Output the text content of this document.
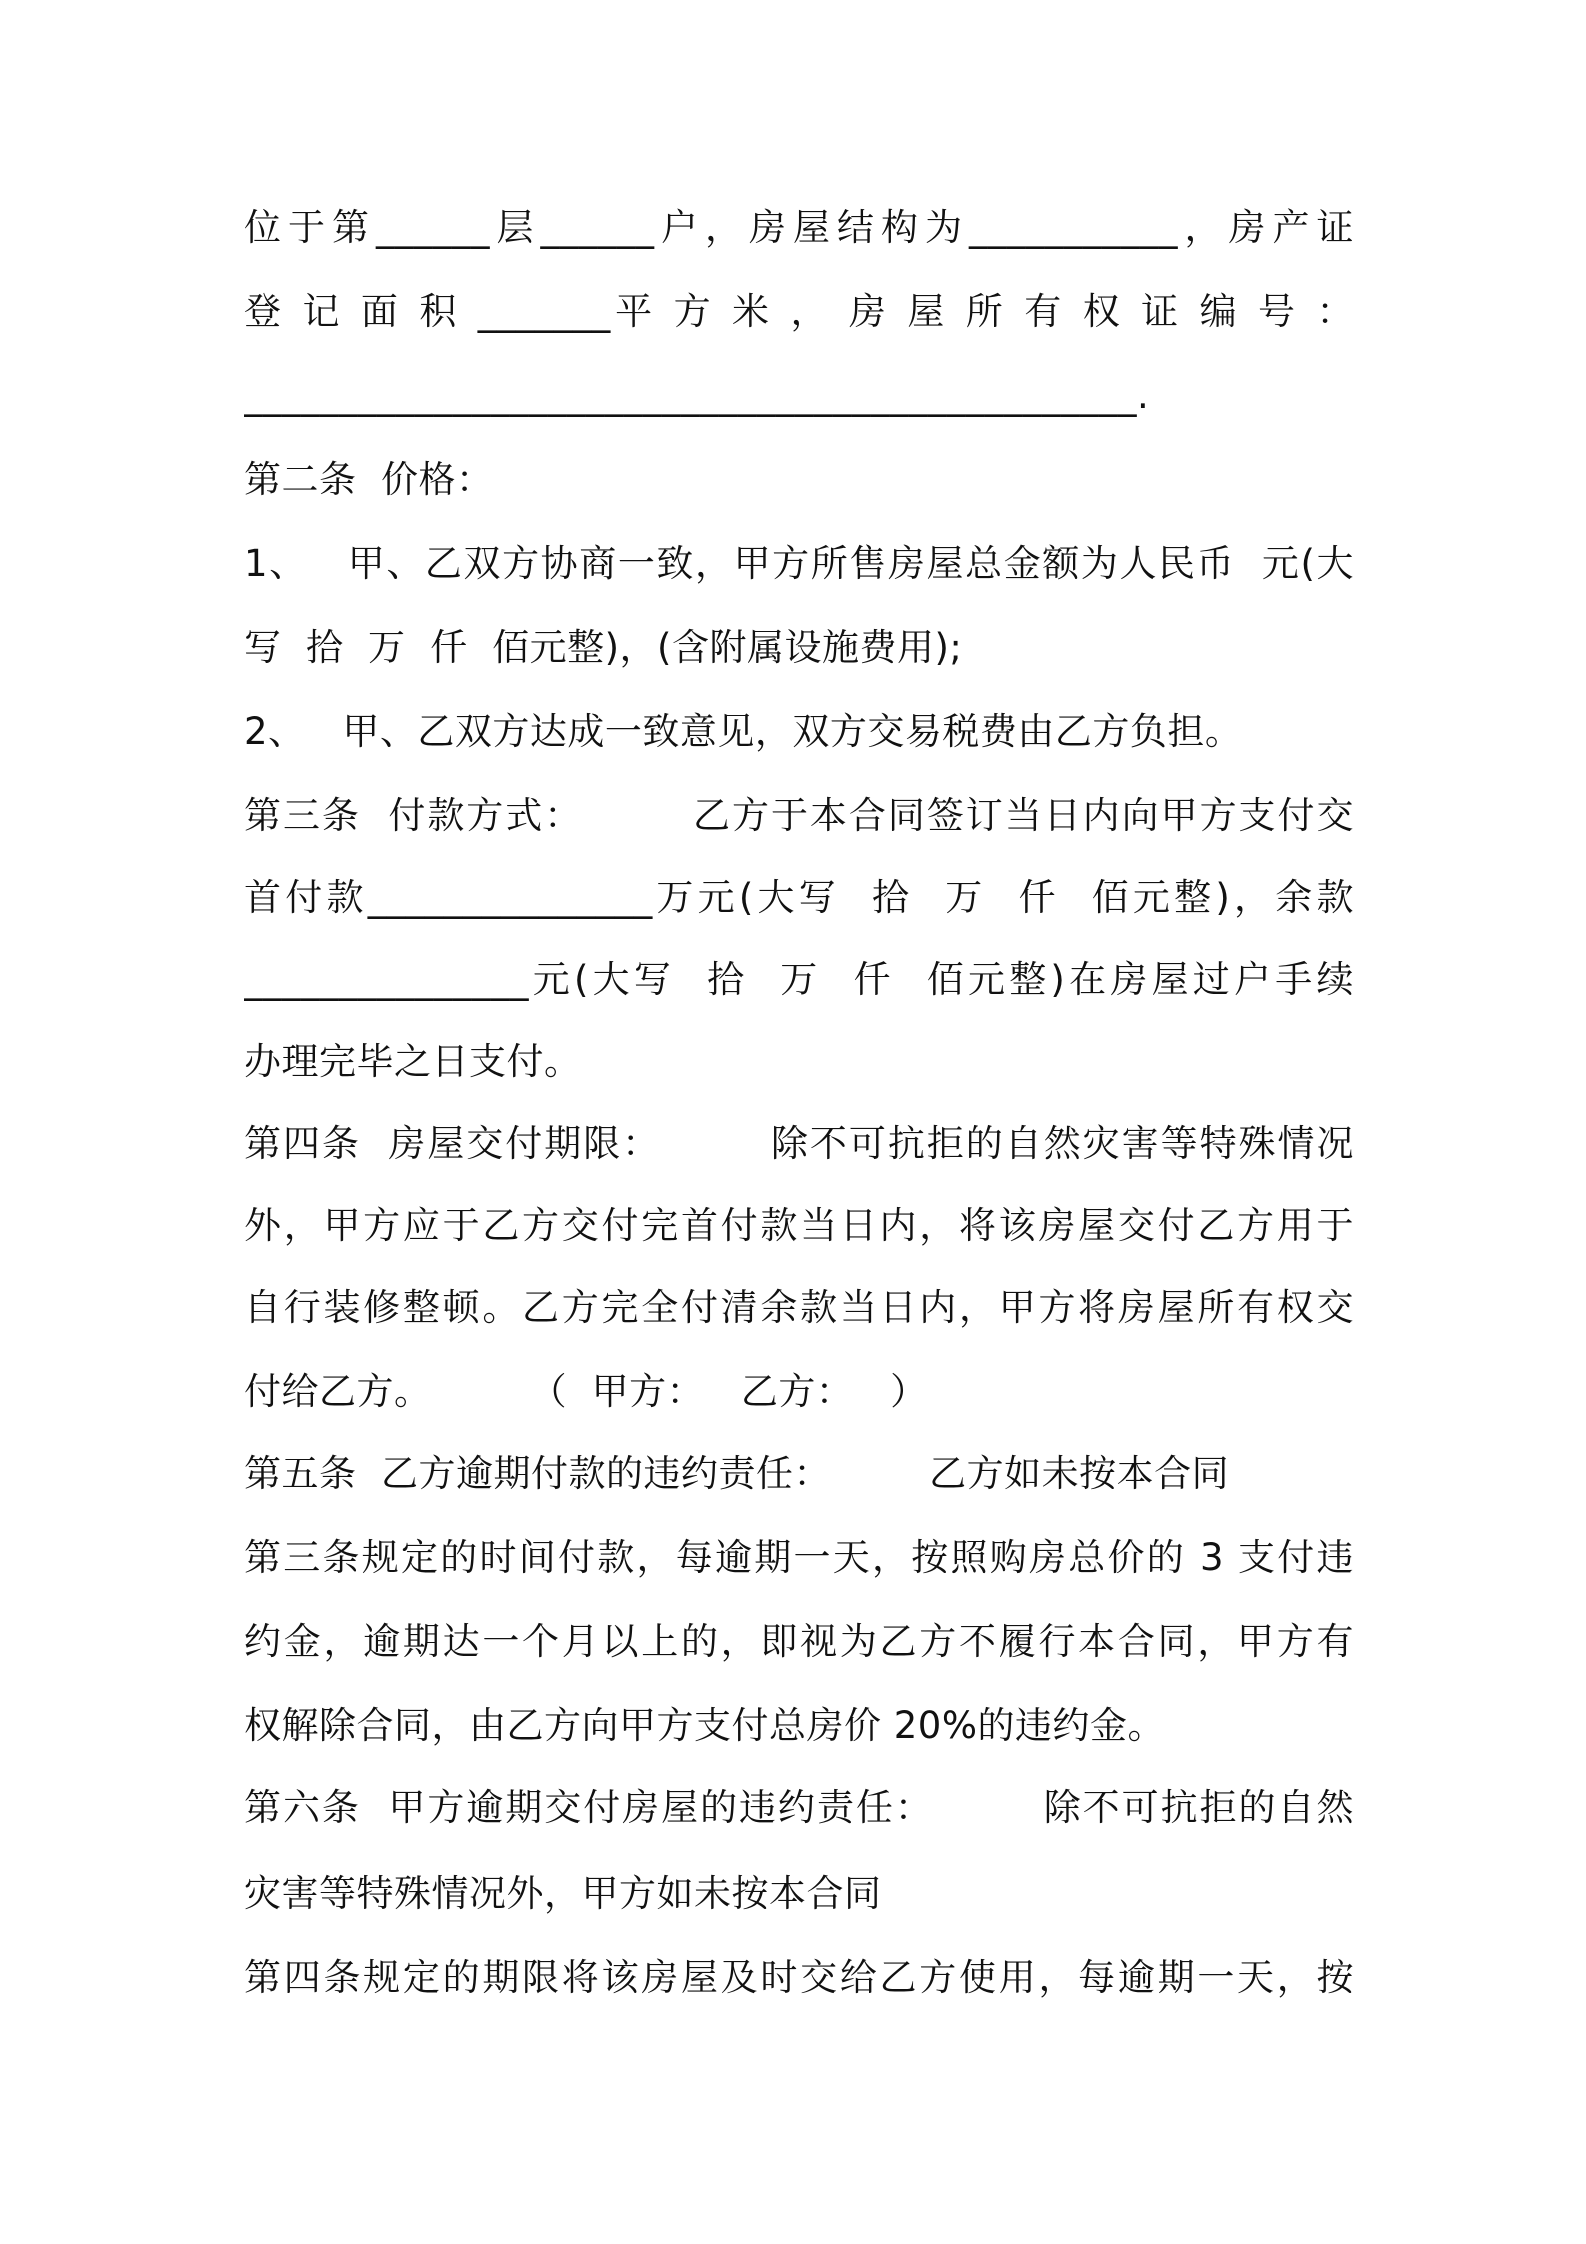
位于第______层______户，房屋结构为___________，房产证
登 记 面 积 _______平 方 米 ， 房 屋 所 有 权 证 编 号 ：
_______________________________________________.
第二条  价格：
1、   甲、乙双方协商一致，甲方所售房屋总金额为人民币  元(大
写  拾  万  仟  佰元整)，(含附属设施费用);
2、   甲、乙双方达成一致意见，双方交易税费由乙方负担。
第三条  付款方式：        乙方于本合同签订当日内向甲方支付交
首付款_______________万元(大写  拾  万  仟  佰元整)，余款
_______________元(大写  拾  万  仟  佰元整)在房屋过户手续
办理完毕之日支付。
第四条  房屋交付期限：        除不可抗拒的自然灾害等特殊情况
外，甲方应于乙方交付完首付款当日内，将该房屋交付乙方用于
自行装修整顿。乙方完全付清余款当日内，甲方将房屋所有权交
付给乙方。        （  甲方：   乙方：   ）
第五条  乙方逾期付款的违约责任：        乙方如未按本合同
第三条规定的时间付款，每逾期一天，按照购房总价的 3 支付违
约金，逾期达一个月以上的，即视为乙方不履行本合同，甲方有
权解除合同，由乙方向甲方支付总房价 20%的违约金。
第六条  甲方逾期交付房屋的违约责任：        除不可抗拒的自然
灾害等特殊情况外，甲方如未按本合同
第四条规定的期限将该房屋及时交给乙方使用，每逾期一天，按
